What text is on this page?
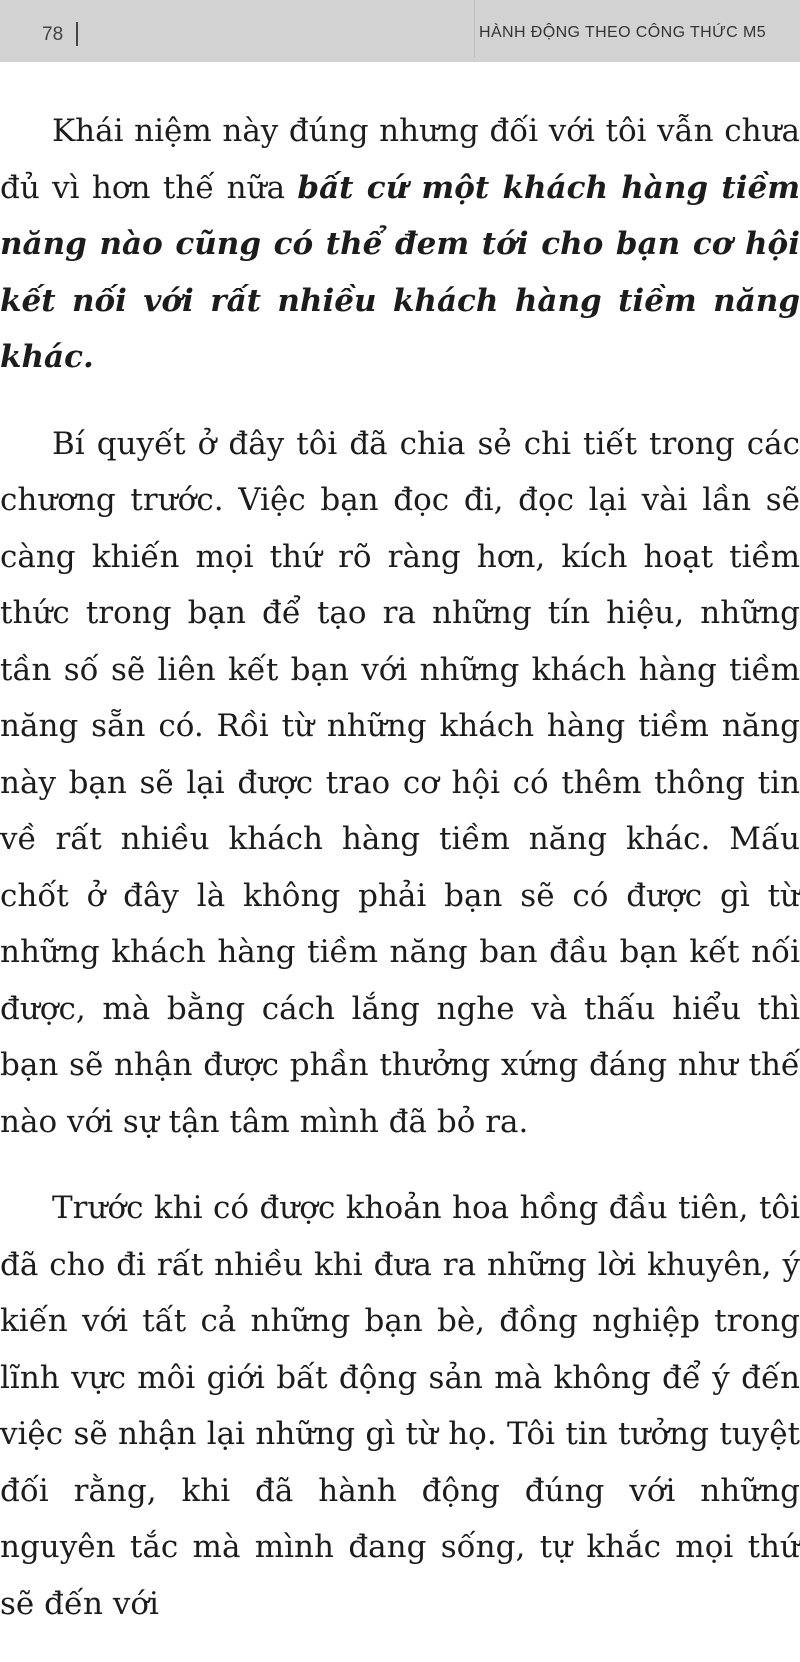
78	HÀNH ĐỘNG THEO CÔNG THỨC M5

Khái niệm này đúng nhưng đối với tôi vẫn chưa đủ vì hơn thế nữa bất cứ một khách hàng tiềm năng nào cũng có thể đem tới cho bạn cơ hội kết nối với rất nhiều khách hàng tiềm năng khác.

Bí quyết ở đây tôi đã chia sẻ chi tiết trong các chương trước. Việc bạn đọc đi, đọc lại vài lần sẽ càng khiến mọi thứ rõ ràng hơn, kích hoạt tiềm thức trong bạn để tạo ra những tín hiệu, những tần số sẽ liên kết bạn với những khách hàng tiềm năng sẵn có. Rồi từ những khách hàng tiềm năng này bạn sẽ lại được trao cơ hội có thêm thông tin về rất nhiều khách hàng tiềm năng khác. Mấu chốt ở đây là không phải bạn sẽ có được gì từ những khách hàng tiềm năng ban đầu bạn kết nối được, mà bằng cách lắng nghe và thấu hiểu thì bạn sẽ nhận được phần thưởng xứng đáng như thế nào với sự tận tâm mình đã bỏ ra.

Trước khi có được khoản hoa hồng đầu tiên, tôi đã cho đi rất nhiều khi đưa ra những lời khuyên, ý kiến với tất cả những bạn bè, đồng nghiệp trong lĩnh vực môi giới bất động sản mà không để ý đến việc sẽ nhận lại những gì từ họ. Tôi tin tưởng tuyệt đối rằng, khi đã hành động đúng với những nguyên tắc mà mình đang sống, tự khắc mọi thứ sẽ đến với
